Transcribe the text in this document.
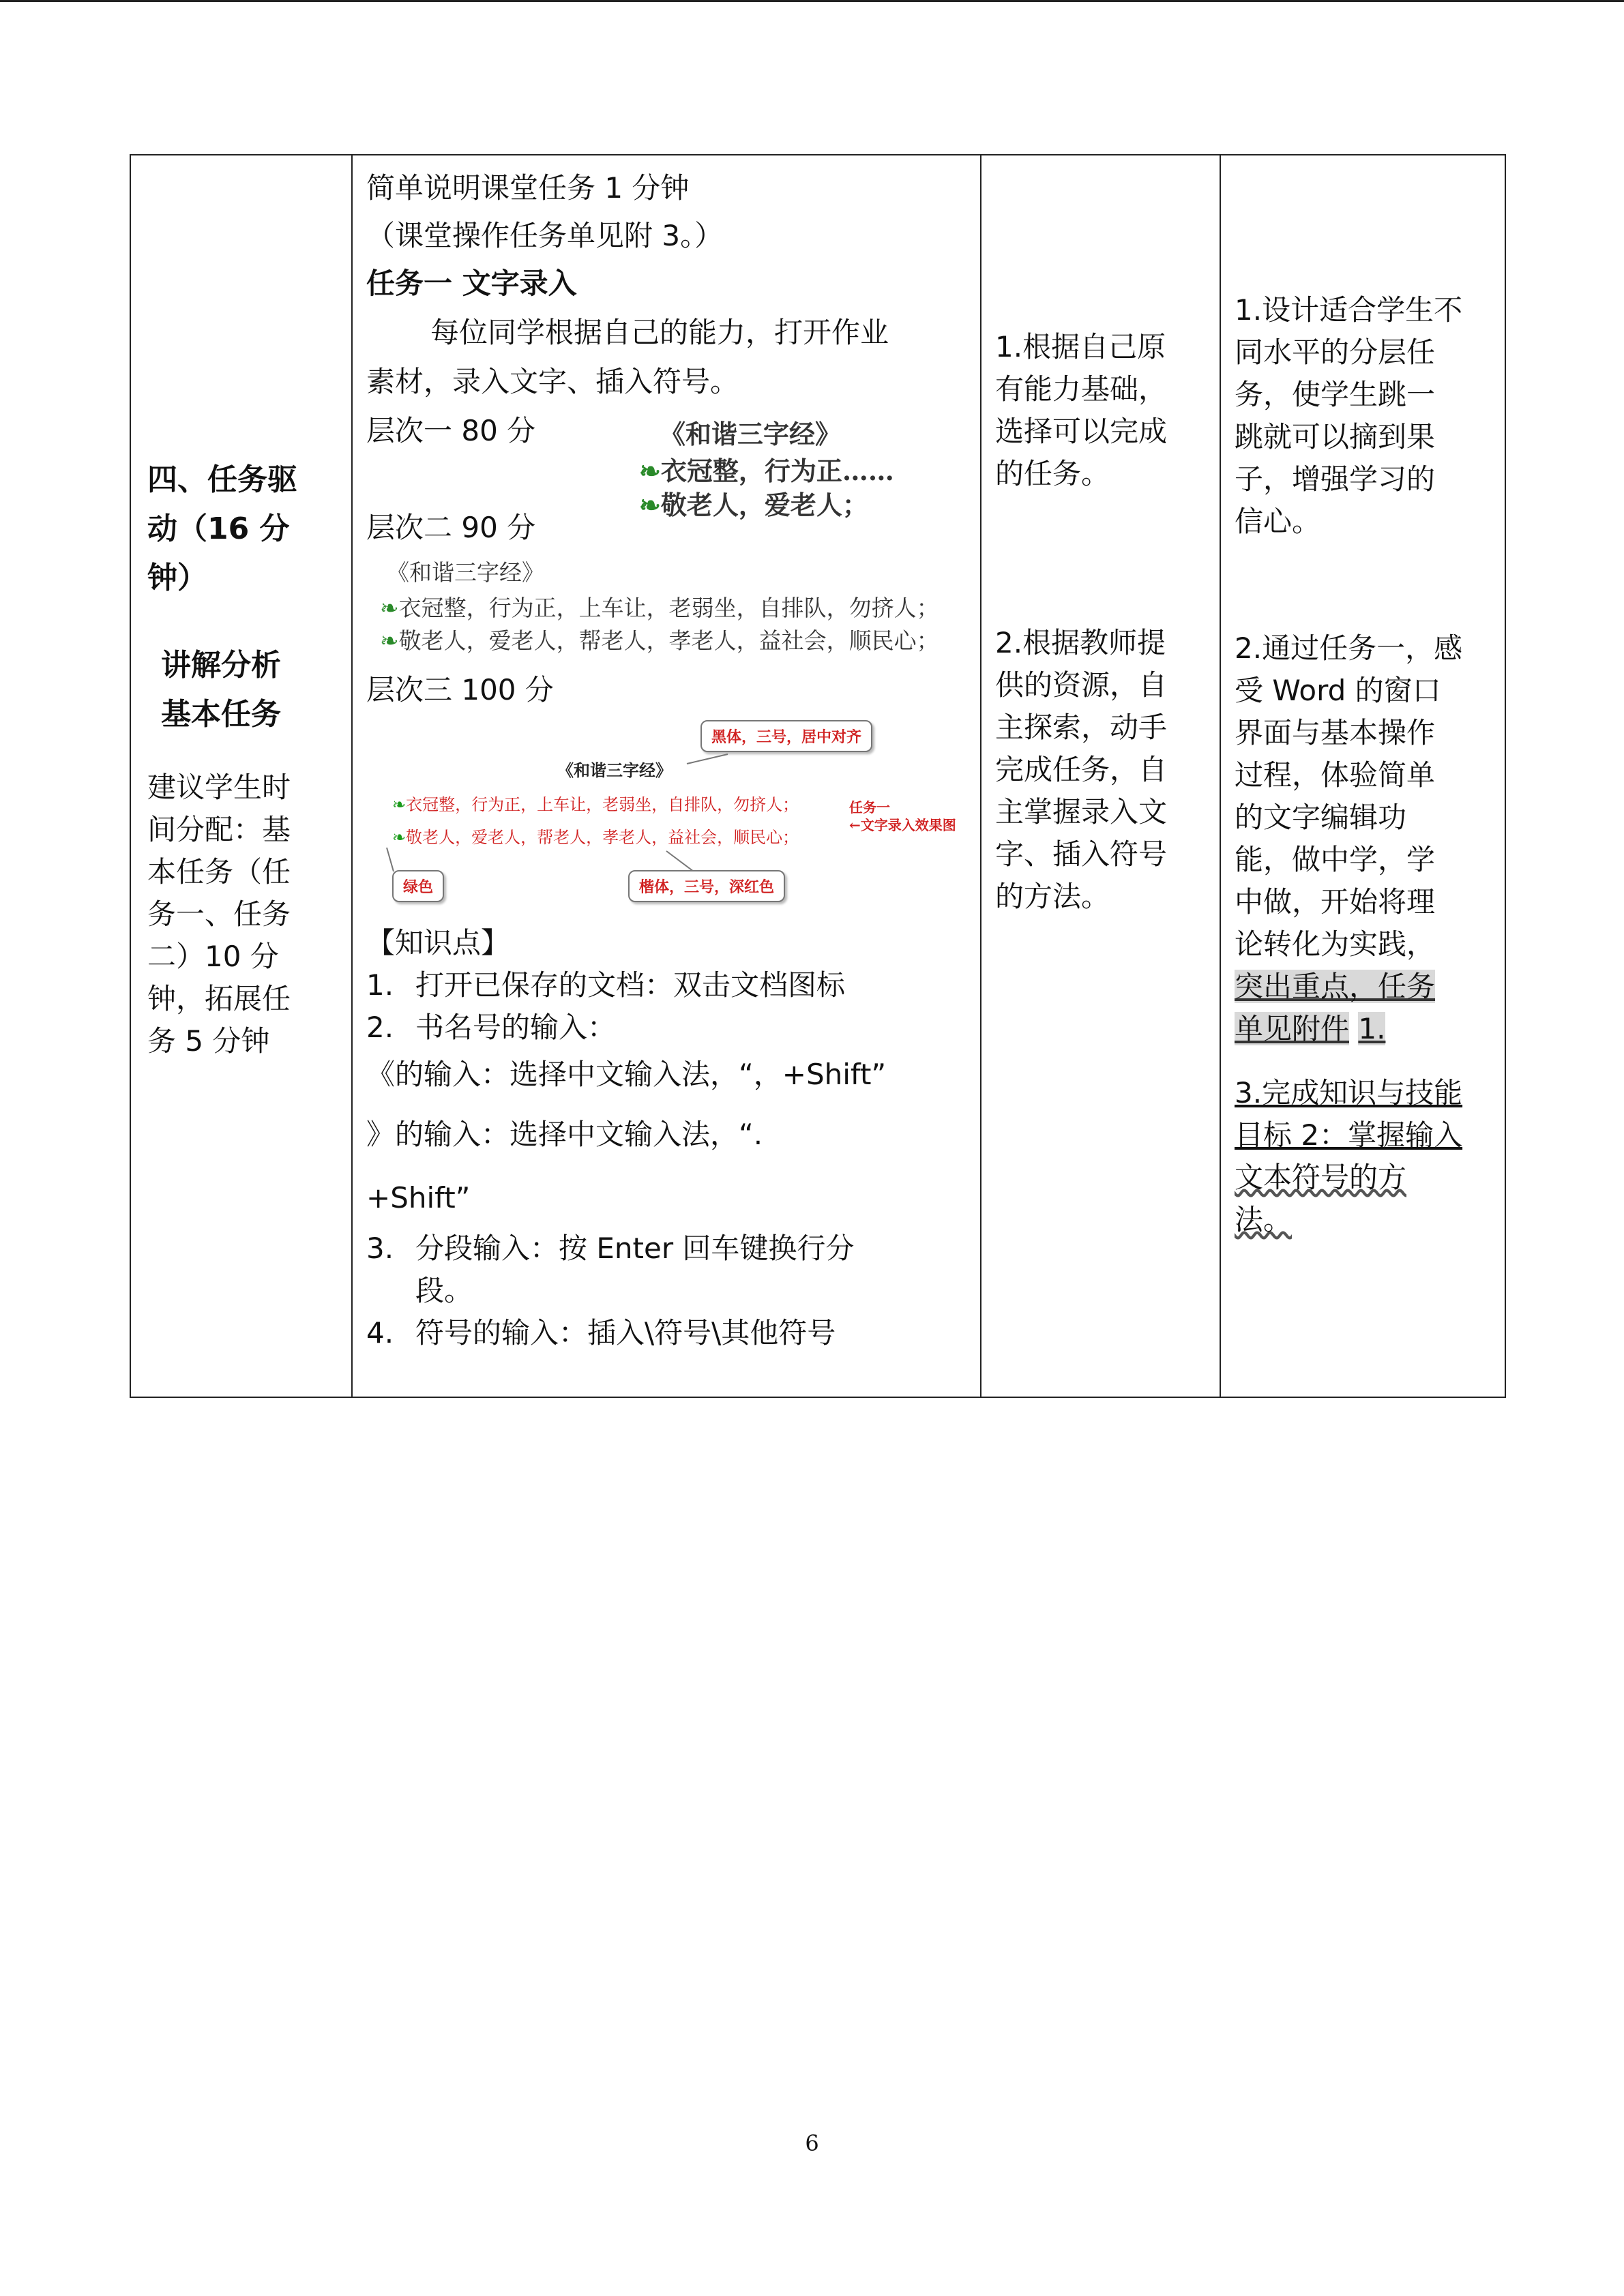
四、任务驱

动（16 分

钟）

讲解分析

基本任务

建议学生时

间分配：基

本任务（任

务一、任务

二）10 分

钟，拓展任

务 5 分钟

简单说明课堂任务 1 分钟

（课堂操作任务单见附 3。）

任务一 文字录入

每位同学根据自己的能力，打开作业

素材，录入文字、插入符号。

层次一 80 分	《和谐三字经》
❧衣冠整，行为正……
❧敬老人，爱老人；

层次二 90 分

《和谐三字经》
❧衣冠整，行为正，上车让，老弱坐，自排队，勿挤人；
❧敬老人，爱老人，帮老人，孝老人，益社会，顺民心；

层次三 100 分

黑体，三号，居中对齐
《和谐三字经》
❧衣冠整，行为正，上车让，老弱坐，自排队，勿挤人；
❧敬老人，爱老人，帮老人，孝老人，益社会，顺民心；
任务一
←文字录入效果图
绿色	楷体，三号，深红色

【知识点】

1. 打开已保存的文档：双击文档图标

2. 书名号的输入：

《的输入：选择中文输入法，“，+Shift”

》的输入：选择中文输入法，“.

+Shift”

3. 分段输入：按 Enter 回车键换行分

段。

4. 符号的输入：插入\符号\其他符号

1.根据自己原

有能力基础，

选择可以完成

的任务。

2.根据教师提

供的资源，自

主探索，动手

完成任务，自

主掌握录入文

字、插入符号

的方法。

1.设计适合学生不

同水平的分层任

务，使学生跳一

跳就可以摘到果

子，增强学习的

信心。

2.通过任务一，感

受 Word 的窗口

界面与基本操作

过程，体验简单

的文字编辑功

能，做中学，学

中做，开始将理

论转化为实践，

突出重点，任务

单见附件 1.

3.完成知识与技能

目标 2：掌握输入

文本符号的方

法。

6
